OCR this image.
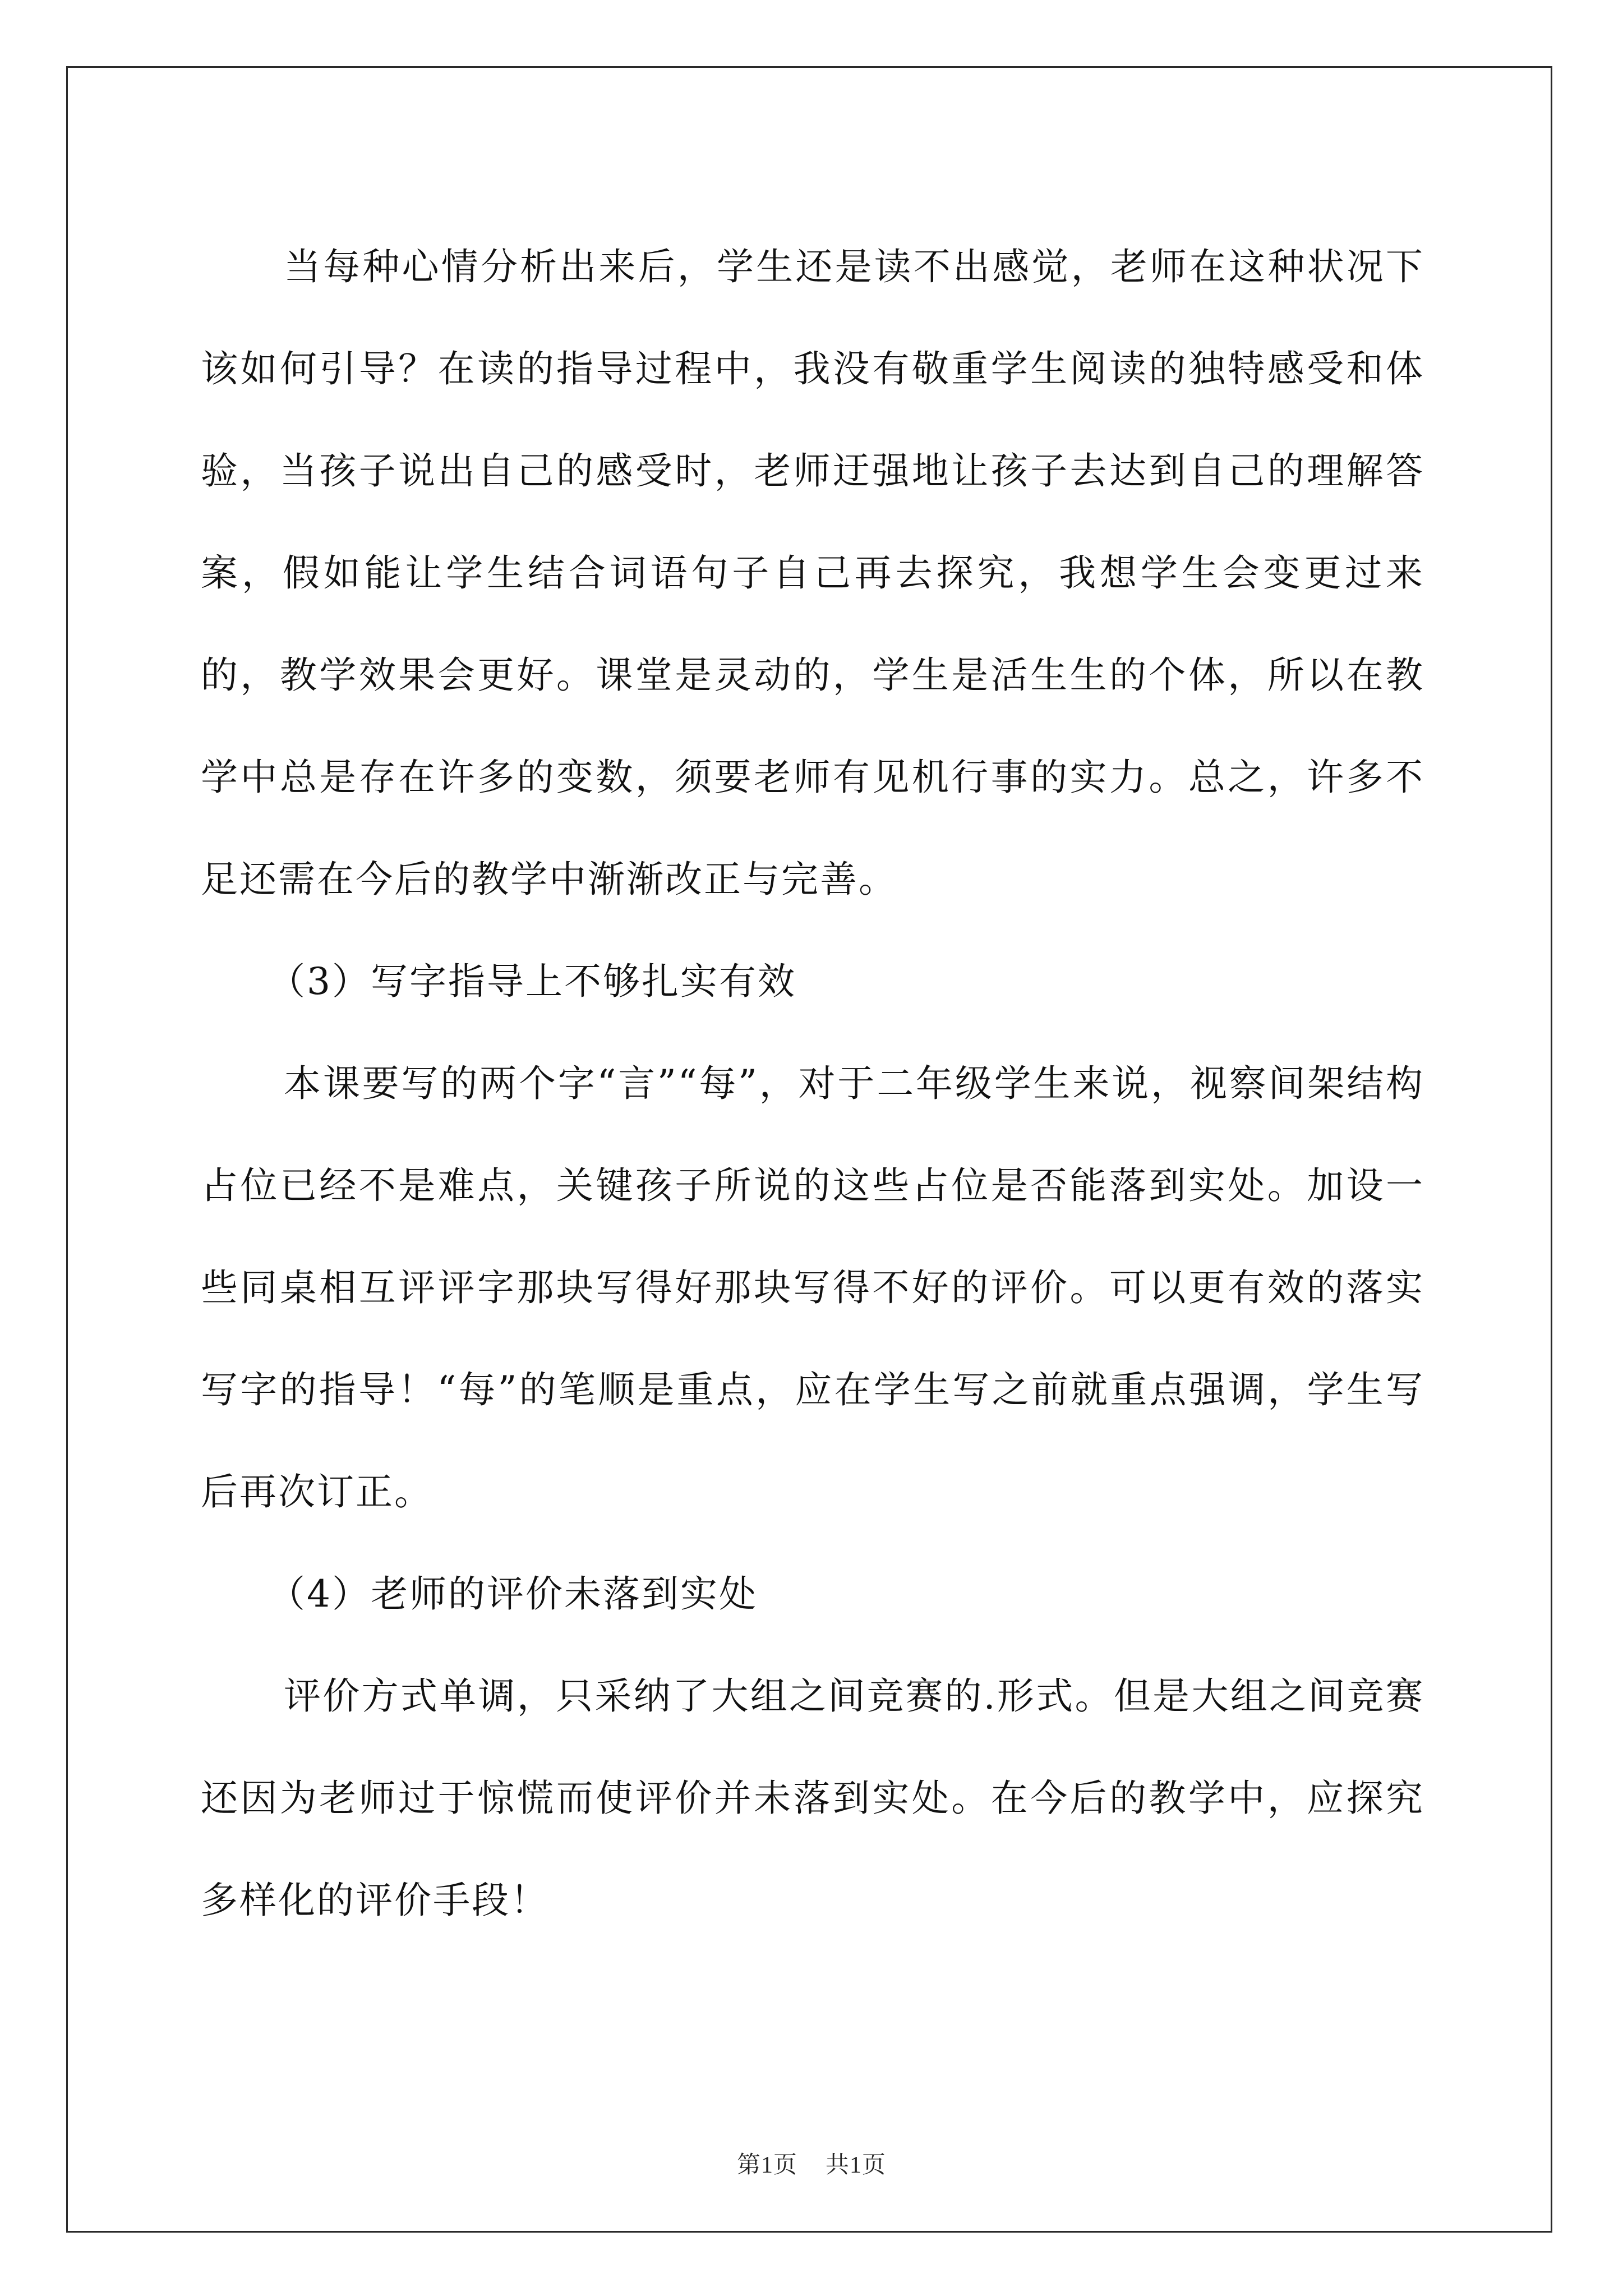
当每种心情分析出来后，学生还是读不出感觉，老师在这种状况下该如何引导？在读的指导过程中，我没有敬重学生阅读的独特感受和体验，当孩子说出自己的感受时，老师迂强地让孩子去达到自己的理解答案，假如能让学生结合词语句子自己再去探究，我想学生会变更过来的，教学效果会更好。课堂是灵动的，学生是活生生的个体，所以在教学中总是存在许多的变数，须要老师有见机行事的实力。总之，许多不足还需在今后的教学中渐渐改正与完善。

（3）写字指导上不够扎实有效

本课要写的两个字“言”“每”，对于二年级学生来说，视察间架结构占位已经不是难点，关键孩子所说的这些占位是否能落到实处。加设一些同桌相互评评字那块写得好那块写得不好的评价。可以更有效的落实写字的指导！“每”的笔顺是重点，应在学生写之前就重点强调，学生写后再次订正。

（4）老师的评价未落到实处

评价方式单调，只采纳了大组之间竞赛的.形式。但是大组之间竞赛还因为老师过于惊慌而使评价并未落到实处。在今后的教学中，应探究多样化的评价手段！

第1页 共1页
